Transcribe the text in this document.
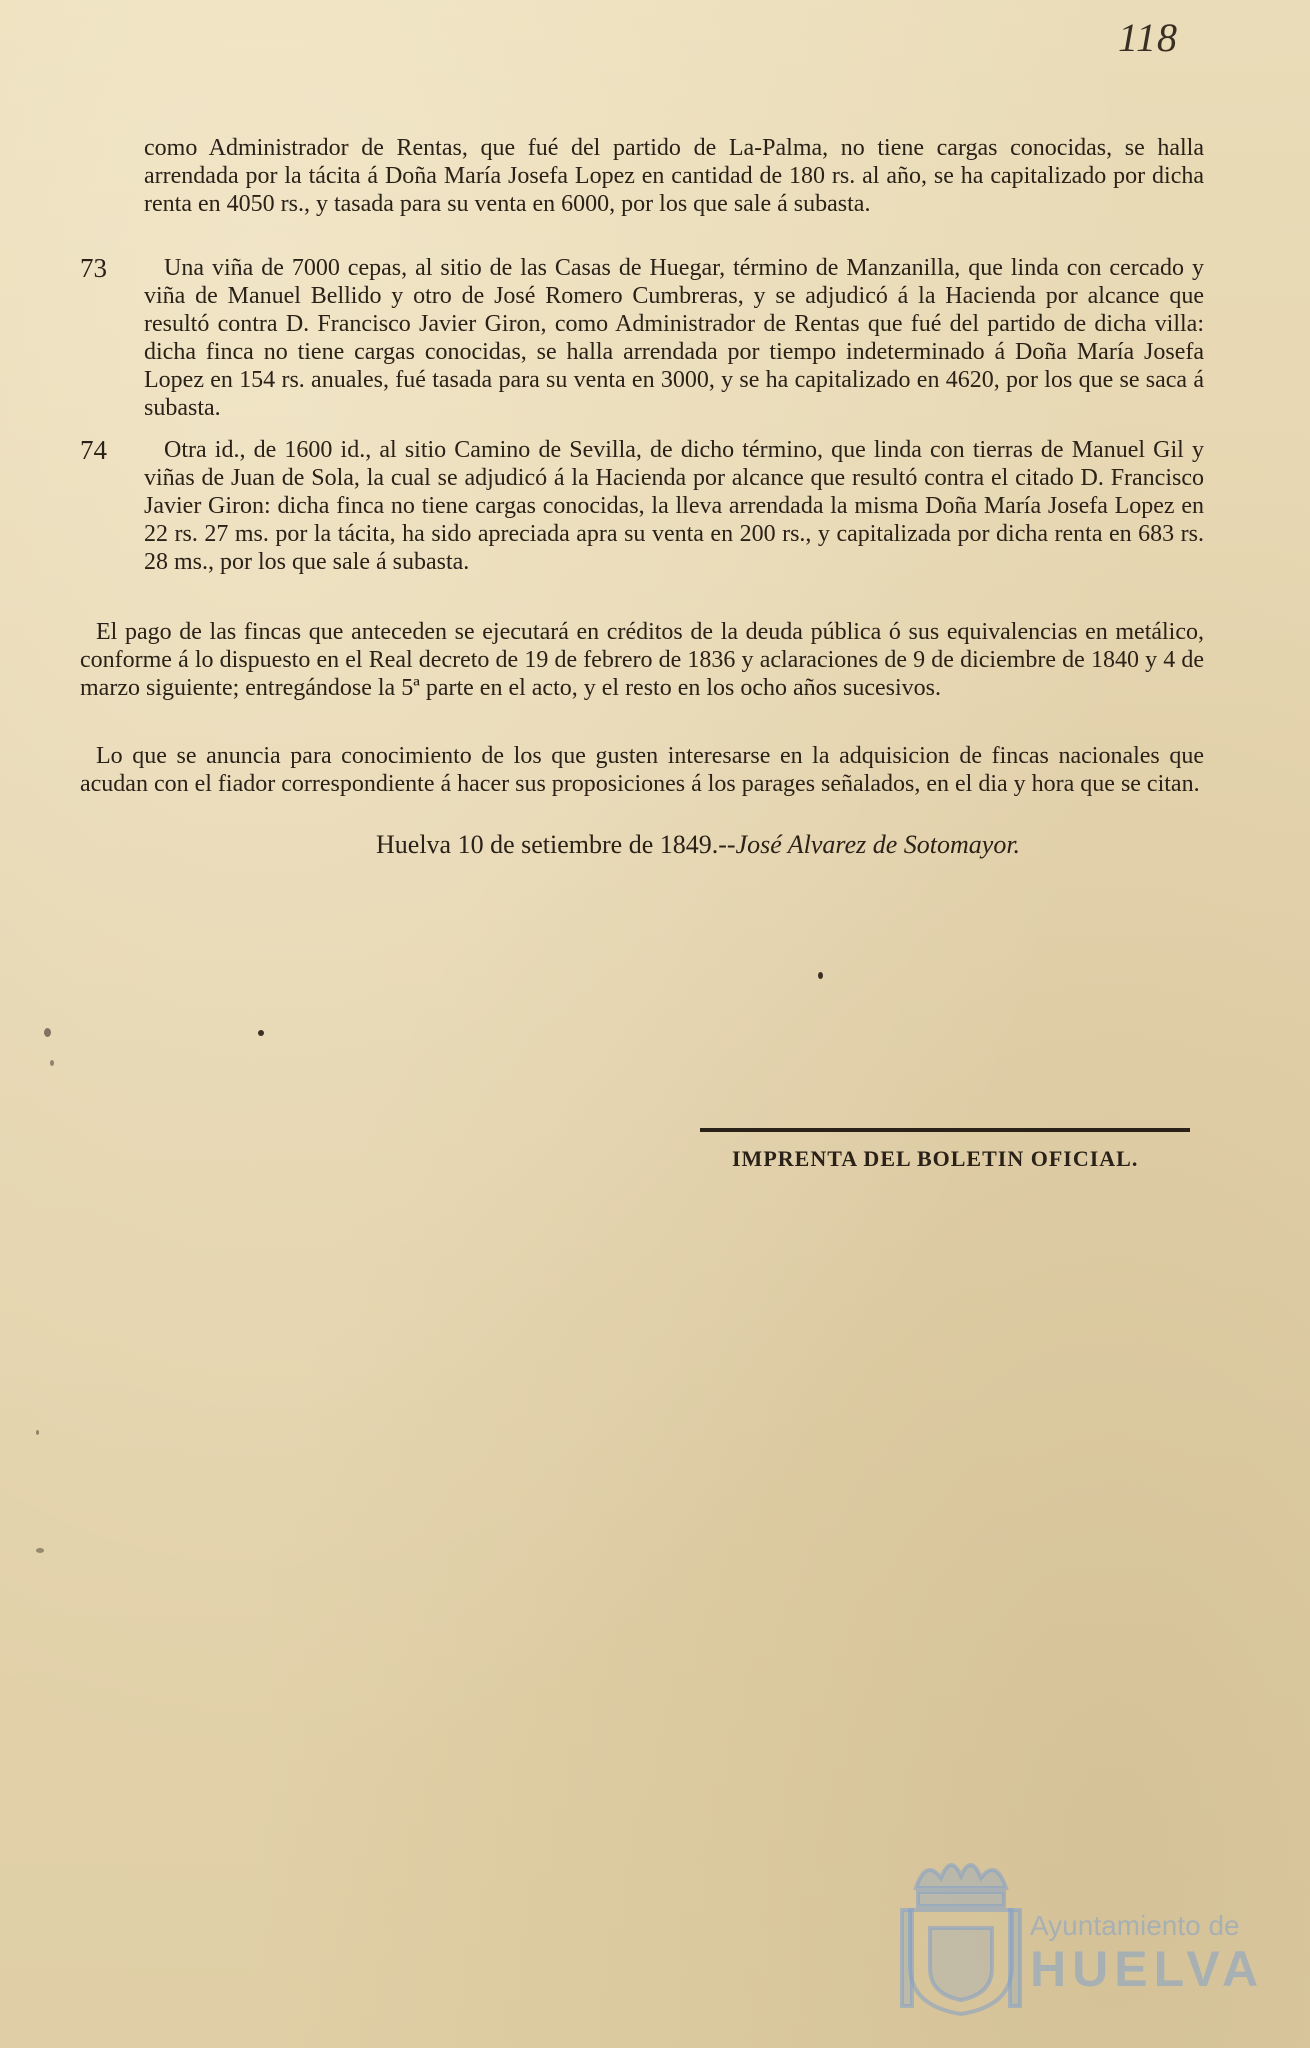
118

como Administrador de Rentas, que fué del partido de La-Palma, no tiene cargas conocidas, se halla arrendada por la tácita á Doña María Josefa Lopez en cantidad de 180 rs. al año, se ha capitalizado por dicha renta en 4050 rs., y tasada para su venta en 6000, por los que sale á subasta.

73	Una viña de 7000 cepas, al sitio de las Casas de Huegar, término de Manzanilla, que linda con cercado y viña de Manuel Bellido y otro de José Romero Cumbreras, y se adjudicó á la Hacienda por alcance que resultó contra D. Francisco Javier Giron, como Administrador de Rentas que fué del partido de dicha villa: dicha finca no tiene cargas conocidas, se halla arrendada por tiempo indeterminado á Doña María Josefa Lopez en 154 rs. anuales, fué tasada para su venta en 3000, y se ha capitalizado en 4620, por los que se saca á subasta.
74	Otra id., de 1600 id., al sitio Camino de Sevilla, de dicho término, que linda con tierras de Manuel Gil y viñas de Juan de Sola, la cual se adjudicó á la Hacienda por alcance que resultó contra el citado D. Francisco Javier Giron: dicha finca no tiene cargas conocidas, la lleva arrendada la misma Doña María Josefa Lopez en 22 rs. 27 ms. por la tácita, ha sido apreciada apra su venta en 200 rs., y capitalizada por dicha renta en 683 rs. 28 ms., por los que sale á subasta.

El pago de las fincas que anteceden se ejecutará en créditos de la deuda pública ó sus equivalencias en metálico, conforme á lo dispuesto en el Real decreto de 19 de febrero de 1836 y aclaraciones de 9 de diciembre de 1840 y 4 de marzo siguiente; entregándose la 5ª parte en el acto, y el resto en los ocho años sucesivos.

Lo que se anuncia para conocimiento de los que gusten interesarse en la adquisicion de fincas nacionales que acudan con el fiador correspondiente á hacer sus proposiciones á los parages señalados, en el dia y hora que se citan.

Huelva 10 de setiembre de 1849.--José Alvarez de Sotomayor.
IMPRENTA DEL BOLETIN OFICIAL.
Ayuntamiento de
HUELVA
